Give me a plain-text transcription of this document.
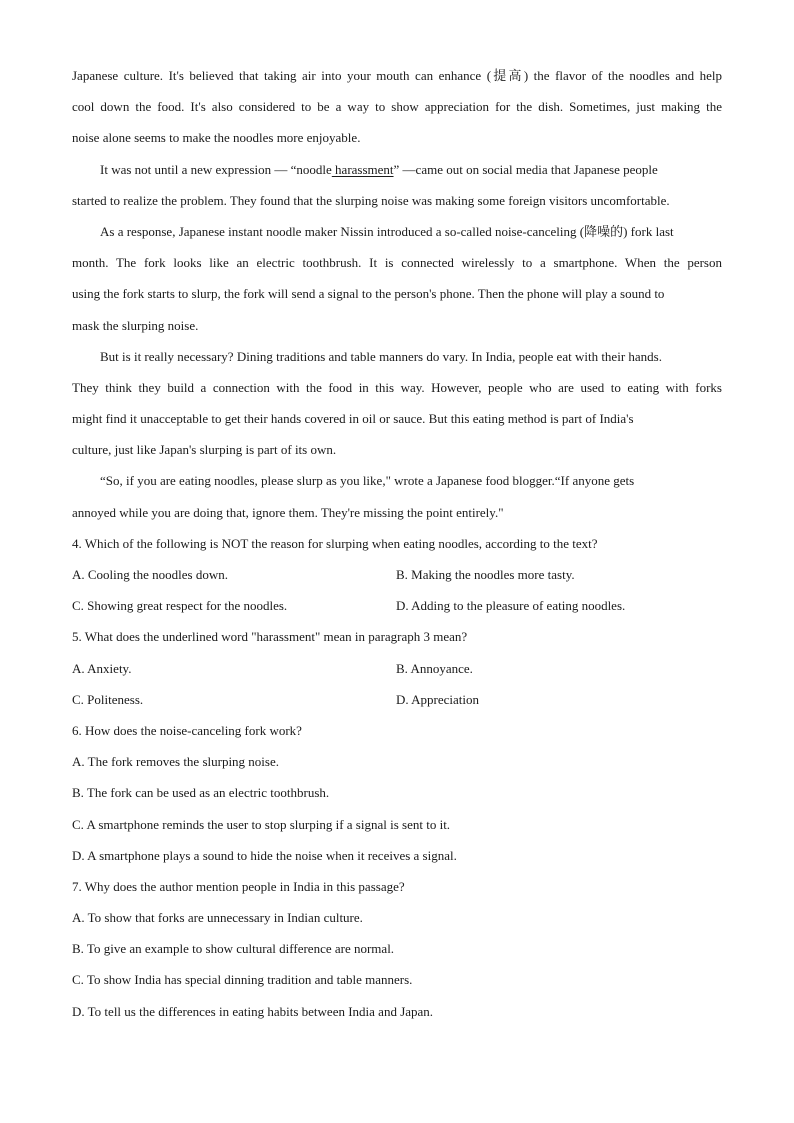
Japanese culture. It's believed that taking air into your mouth can enhance (提高) the flavor of the noodles and help
cool down the food. It's also considered to be a way to show appreciation for the dish. Sometimes, just making the
noise alone seems to make the noodles more enjoyable.
It was not until a new expression — “noodle harassment” —came out on social media that Japanese people
started to realize the problem. They found that the slurping noise was making some foreign visitors uncomfortable.
As a response, Japanese instant noodle maker Nissin introduced a so-called noise-canceling (降噪的) fork last
month. The fork looks like an electric toothbrush. It is connected wirelessly to a smartphone. When the person
using the fork starts to slurp, the fork will send a signal to the person's phone. Then the phone will play a sound to
mask the slurping noise.
But is it really necessary? Dining traditions and table manners do vary. In India, people eat with their hands.
They think they build a connection with the food in this way. However, people who are used to eating with forks
might find it unacceptable to get their hands covered in oil or sauce. But this eating method is part of India's
culture, just like Japan's slurping is part of its own.
“So, if you are eating noodles, please slurp as you like," wrote a Japanese food blogger.“If anyone gets
annoyed while you are doing that, ignore them. They're missing the point entirely."
4. Which of the following is NOT the reason for slurping when eating noodles, according to the text?
A. Cooling the noodles down.	B. Making the noodles more tasty.
C. Showing great respect for the noodles.	D. Adding to the pleasure of eating noodles.
5. What does the underlined word "harassment" mean in paragraph 3 mean?
A. Anxiety.	B. Annoyance.
C. Politeness.	D. Appreciation
6. How does the noise-canceling fork work?
A. The fork removes the slurping noise.
B. The fork can be used as an electric toothbrush.
C. A smartphone reminds the user to stop slurping if a signal is sent to it.
D. A smartphone plays a sound to hide the noise when it receives a signal.
7. Why does the author mention people in India in this passage?
A. To show that forks are unnecessary in Indian culture.
B. To give an example to show cultural difference are normal.
C. To show India has special dinning tradition and table manners.
D. To tell us the differences in eating habits between India and Japan.
